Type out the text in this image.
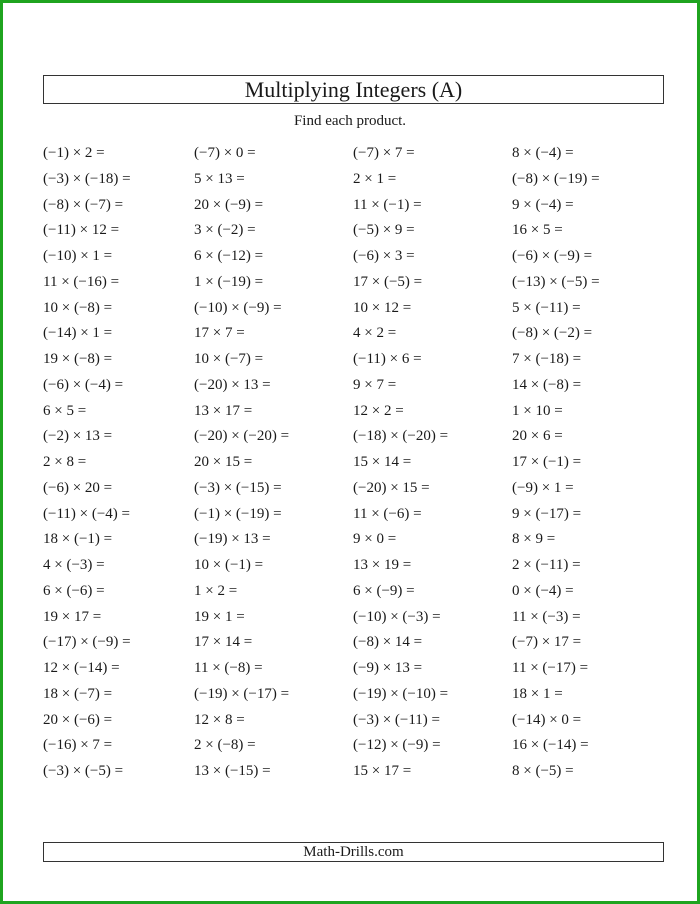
Multiplying Integers (A)
Find each product.
(−1) × 2 =	(−7) × 0 =	(−7) × 7 =	8 × (−4) =
(−3) × (−18) =	5 × 13 =	2 × 1 =	(−8) × (−19) =
(−8) × (−7) =	20 × (−9) =	11 × (−1) =	9 × (−4) =
(−11) × 12 =	3 × (−2) =	(−5) × 9 =	16 × 5 =
(−10) × 1 =	6 × (−12) =	(−6) × 3 =	(−6) × (−9) =
11 × (−16) =	1 × (−19) =	17 × (−5) =	(−13) × (−5) =
10 × (−8) =	(−10) × (−9) =	10 × 12 =	5 × (−11) =
(−14) × 1 =	17 × 7 =	4 × 2 =	(−8) × (−2) =
19 × (−8) =	10 × (−7) =	(−11) × 6 =	7 × (−18) =
(−6) × (−4) =	(−20) × 13 =	9 × 7 =	14 × (−8) =
6 × 5 =	13 × 17 =	12 × 2 =	1 × 10 =
(−2) × 13 =	(−20) × (−20) =	(−18) × (−20) =	20 × 6 =
2 × 8 =	20 × 15 =	15 × 14 =	17 × (−1) =
(−6) × 20 =	(−3) × (−15) =	(−20) × 15 =	(−9) × 1 =
(−11) × (−4) =	(−1) × (−19) =	11 × (−6) =	9 × (−17) =
18 × (−1) =	(−19) × 13 =	9 × 0 =	8 × 9 =
4 × (−3) =	10 × (−1) =	13 × 19 =	2 × (−11) =
6 × (−6) =	1 × 2 =	6 × (−9) =	0 × (−4) =
19 × 17 =	19 × 1 =	(−10) × (−3) =	11 × (−3) =
(−17) × (−9) =	17 × 14 =	(−8) × 14 =	(−7) × 17 =
12 × (−14) =	11 × (−8) =	(−9) × 13 =	11 × (−17) =
18 × (−7) =	(−19) × (−17) =	(−19) × (−10) =	18 × 1 =
20 × (−6) =	12 × 8 =	(−3) × (−11) =	(−14) × 0 =
(−16) × 7 =	2 × (−8) =	(−12) × (−9) =	16 × (−14) =
(−3) × (−5) =	13 × (−15) =	15 × 17 =	8 × (−5) =
Math-Drills.com
